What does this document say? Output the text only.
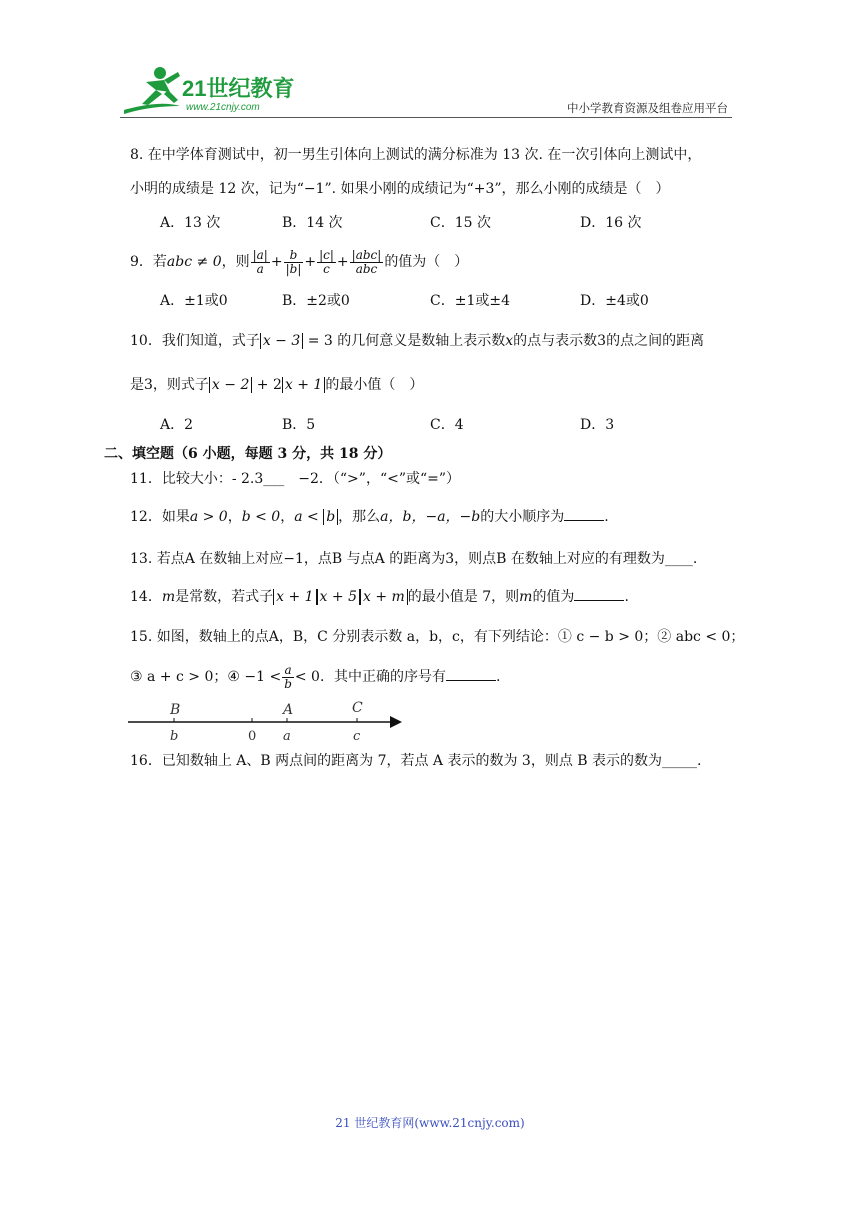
21世纪教育
www.21cnjy.com	中小学教育资源及组卷应用平台
8. 在中学体育测试中，初一男生引体向上测试的满分标准为 13 次. 在一次引体向上测试中，
小明的成绩是 12 次，记为“−1”. 如果小刚的成绩记为“+3”，那么小刚的成绩是（　）
A．13 次	B．14 次	C．15 次	D．16 次
9．若abc ≠ 0，则 $\frac{|a|}{a} + \frac{b}{|b|} + \frac{|c|}{c} + \frac{\text{|abc|}}{\text{abc}}$ 的值为（　）
A．±1或0	B．±2或0	C．±1或±4	D．±4或0
10．我们知道，式子 x − 3 = 3 的几何意义是数轴上表示数x的点与表示数3的点之间的距离
是3，则式子 x − 2 + 2 x + 1 的最小值（　）
A．2	B．5	C．4	D．3
二、填空题（6 小题，每题 3 分，共 18 分）
11．比较大小：- 2.3___　−2．（“>”，“<”或“=”）
12．如果a > 0，b < 0，a < b ，那么a，b，−a，−b的大小顺序为	.
13. 若点A 在数轴上对应−1，点B 与点A 的距离为3，则点B 在数轴上对应的有理数为____.
14．m是常数，若式子 x + 1 x + 5 x + m 的最小值是 7，则m的值为	.
15. 如图，数轴上的点A，B，C 分别表示数 a，b，c，有下列结论：① c − b > 0；② abc < 0；
③ a + c > 0；④ $-1 < \frac{a}{b} < 0$．其中正确的序号有	.
B	A	C
b	0 a	c
16．已知数轴上 A、B 两点间的距离为 7，若点 A 表示的数为 3，则点 B 表示的数为_____.
21 世纪教育网(www.21cnjy.com)
